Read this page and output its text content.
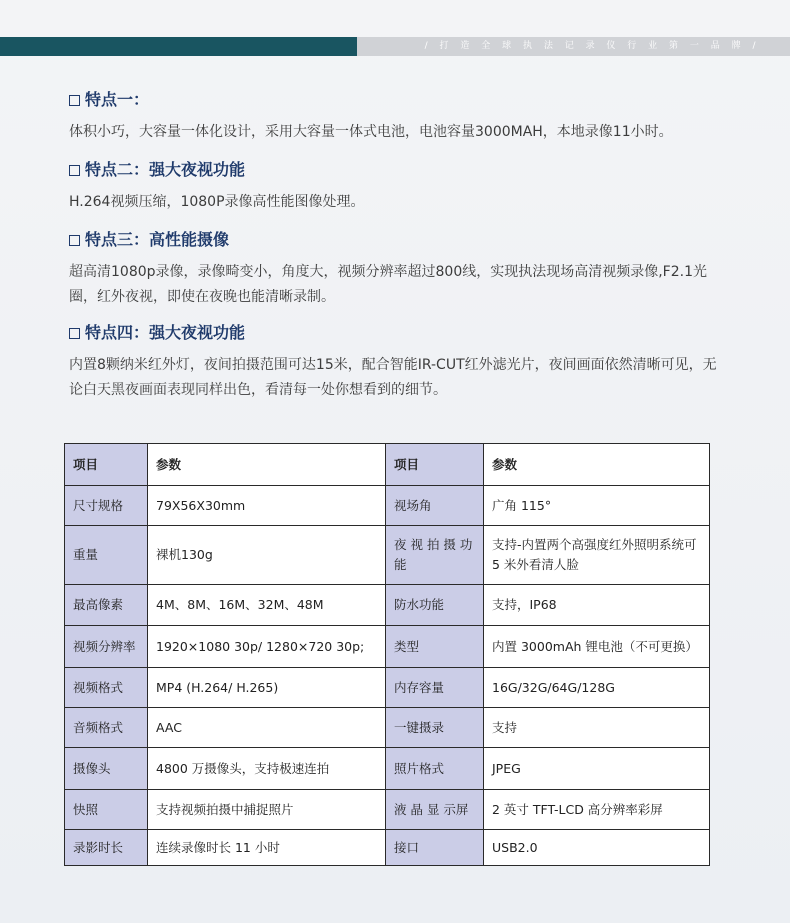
/ 打 造 全 球 执 法 记 录 仪 行 业 第 一 品 牌 /
特点一：

体积小巧，大容量一体化设计，采用大容量一体式电池，电池容量3000MAH，本地录像11小时。

特点二：强大夜视功能

H.264视频压缩，1080P录像高性能图像处理。

特点三：高性能摄像

超高清1080p录像，录像畸变小，角度大，视频分辨率超过800线，实现执法现场高清视频录像,F2.1光圈，红外夜视，即使在夜晚也能清晰录制。

特点四：强大夜视功能

内置8颗纳米红外灯，夜间拍摄范围可达15米，配合智能IR-CUT红外滤光片，夜间画面依然清晰可见，无论白天黑夜画面表现同样出色，看清每一处你想看到的细节。

项目	参数	项目	参数
尺寸规格	79X56X30mm	视场角	广角 115°
重量	裸机130g	夜 视 拍 摄 功能	支持-内置两个高强度红外照明系统可 5 米外看清人脸
最高像素	4M、8M、16M、32M、48M	防水功能	支持，IP68
视频分辨率	1920×1080 30p/ 1280×720 30p;	类型	内置 3000mAh 锂电池（不可更换）
视频格式	MP4 (H.264/ H.265)	内存容量	16G/32G/64G/128G
音频格式	AAC	一键摄录	支持
摄像头	4800 万摄像头，支持极速连拍	照片格式	JPEG
快照	支持视频拍摄中捕捉照片	液 晶 显 示屏	2 英寸 TFT-LCD 高分辨率彩屏
录影时长	连续录像时长 11 小时	接口	USB2.0
